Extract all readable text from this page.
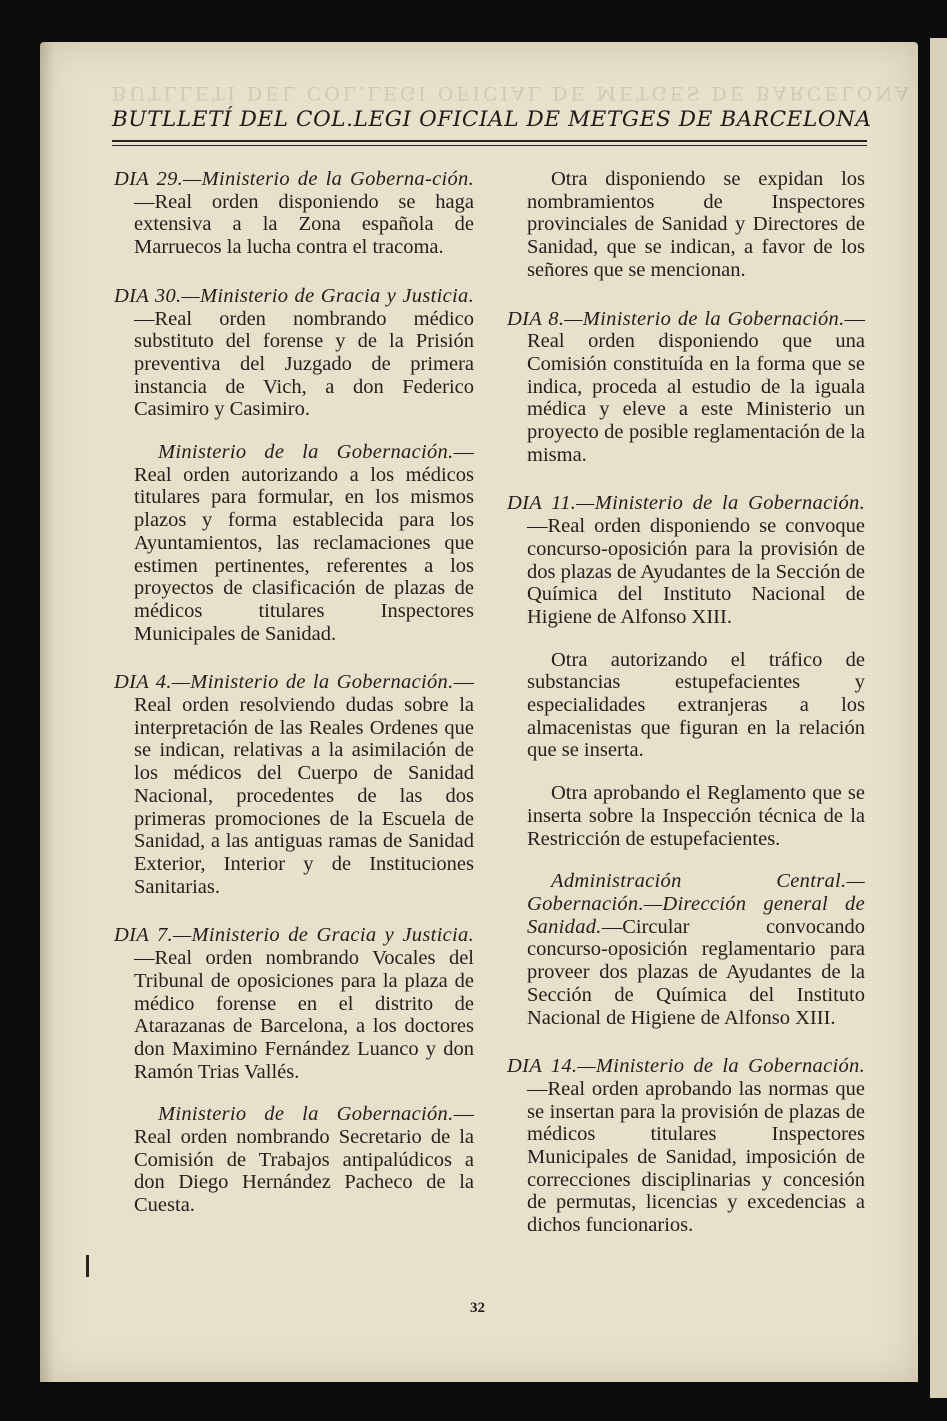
BUTLLETÍ DEL COL.LEGI OFICIAL DE METGES DE BARCELONA
BUTLLETÍ DEL COL.LEGI OFICIAL DE METGES DE BARCELONA

DIA 29.—Ministerio de la Goberna-ción.—Real orden disponiendo se haga extensiva a la Zona española de Marruecos la lucha contra el tracoma.

DIA 30.—Ministerio de Gracia y Justicia.—Real orden nombrando médico substituto del forense y de la Prisión preventiva del Juzgado de primera instancia de Vich, a don Federico Casimiro y Casimiro.

Ministerio de la Gobernación.—Real orden autorizando a los médicos titulares para formular, en los mismos plazos y forma establecida para los Ayuntamientos, las reclamaciones que estimen pertinentes, referentes a los proyectos de clasificación de plazas de médicos titulares Inspectores Municipales de Sanidad.

DIA 4.—Ministerio de la Gobernación.—Real orden resolviendo dudas sobre la interpretación de las Reales Ordenes que se indican, relativas a la asimilación de los médicos del Cuerpo de Sanidad Nacional, procedentes de las dos primeras promociones de la Escuela de Sanidad, a las antiguas ramas de Sanidad Exterior, Interior y de Instituciones Sanitarias.

DIA 7.—Ministerio de Gracia y Justicia.—Real orden nombrando Vocales del Tribunal de oposiciones para la plaza de médico forense en el distrito de Atarazanas de Barcelona, a los doctores don Maximino Fernández Luanco y don Ramón Trias Vallés.

Ministerio de la Gobernación.—Real orden nombrando Secretario de la Comisión de Trabajos antipalúdicos a don Diego Hernández Pacheco de la Cuesta.

Otra disponiendo se expidan los nombramientos de Inspectores provinciales de Sanidad y Directores de Sanidad, que se indican, a favor de los señores que se mencionan.

DIA 8.—Ministerio de la Gobernación.—Real orden disponiendo que una Comisión constituída en la forma que se indica, proceda al estudio de la iguala médica y eleve a este Ministerio un proyecto de posible reglamentación de la misma.

DIA 11.—Ministerio de la Gobernación.—Real orden disponiendo se convoque concurso-oposición para la provisión de dos plazas de Ayudantes de la Sección de Química del Instituto Nacional de Higiene de Alfonso XIII.

Otra autorizando el tráfico de substancias estupefacientes y especialidades extranjeras a los almacenistas que figuran en la relación que se inserta.

Otra aprobando el Reglamento que se inserta sobre la Inspección técnica de la Restricción de estupefacientes.

Administración Central.—Gobernación.—Dirección general de Sanidad.—Circular convocando concurso-oposición reglamentario para proveer dos plazas de Ayudantes de la Sección de Química del Instituto Nacional de Higiene de Alfonso XIII.

DIA 14.—Ministerio de la Gobernación.—Real orden aprobando las normas que se insertan para la provisión de plazas de médicos titulares Inspectores Municipales de Sanidad, imposición de correcciones disciplinarias y concesión de permutas, licencias y excedencias a dichos funcionarios.

32
